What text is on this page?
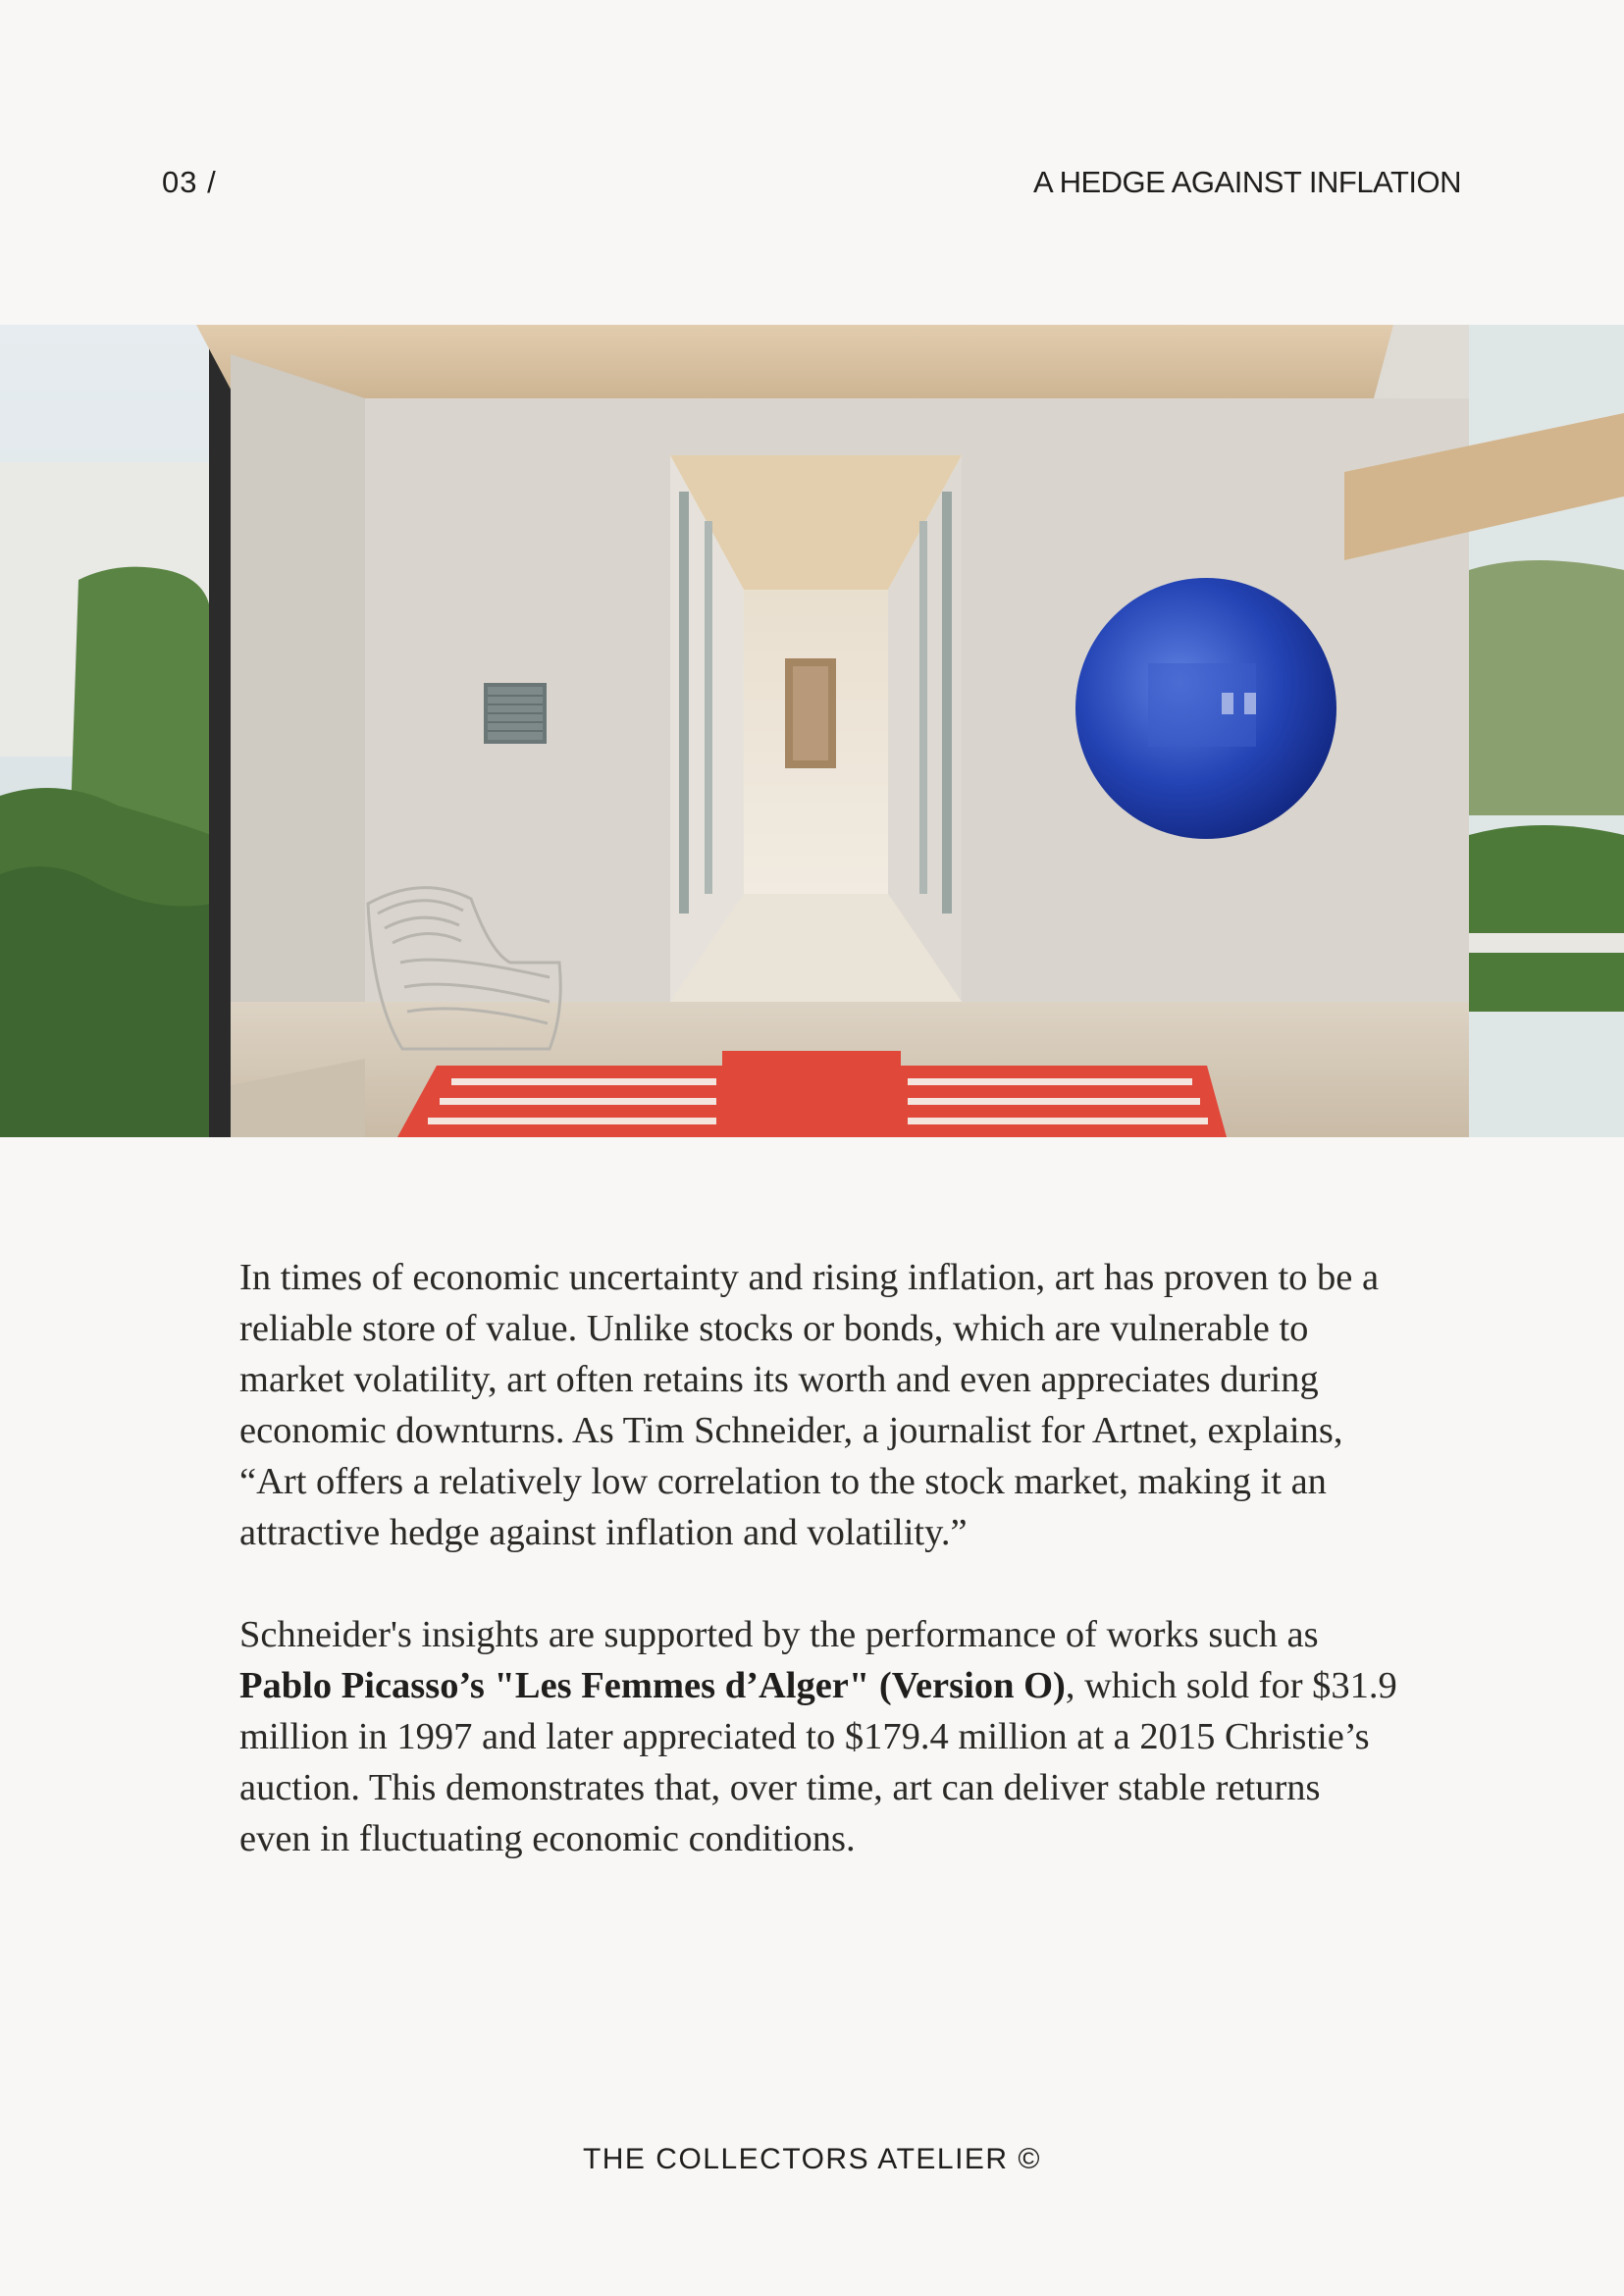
03 /	A HEDGE AGAINST INFLATION

In times of economic uncertainty and rising inflation, art has proven to be a reliable store of value. Unlike stocks or bonds, which are vulnerable to market volatility, art often retains its worth and even appreciates during economic downturns. As Tim Schneider, a journalist for Artnet, explains, “Art offers a relatively low correlation to the stock market, making it an attractive hedge against inflation and volatility.”

Schneider's insights are supported by the performance of works such as Pablo Picasso’s "Les Femmes d’Alger" (Version O), which sold for $31.9 million in 1997 and later appreciated to $179.4 million at a 2015 Christie’s auction. This demonstrates that, over time, art can deliver stable returns even in fluctuating economic conditions.

THE COLLECTORS ATELIER ©
